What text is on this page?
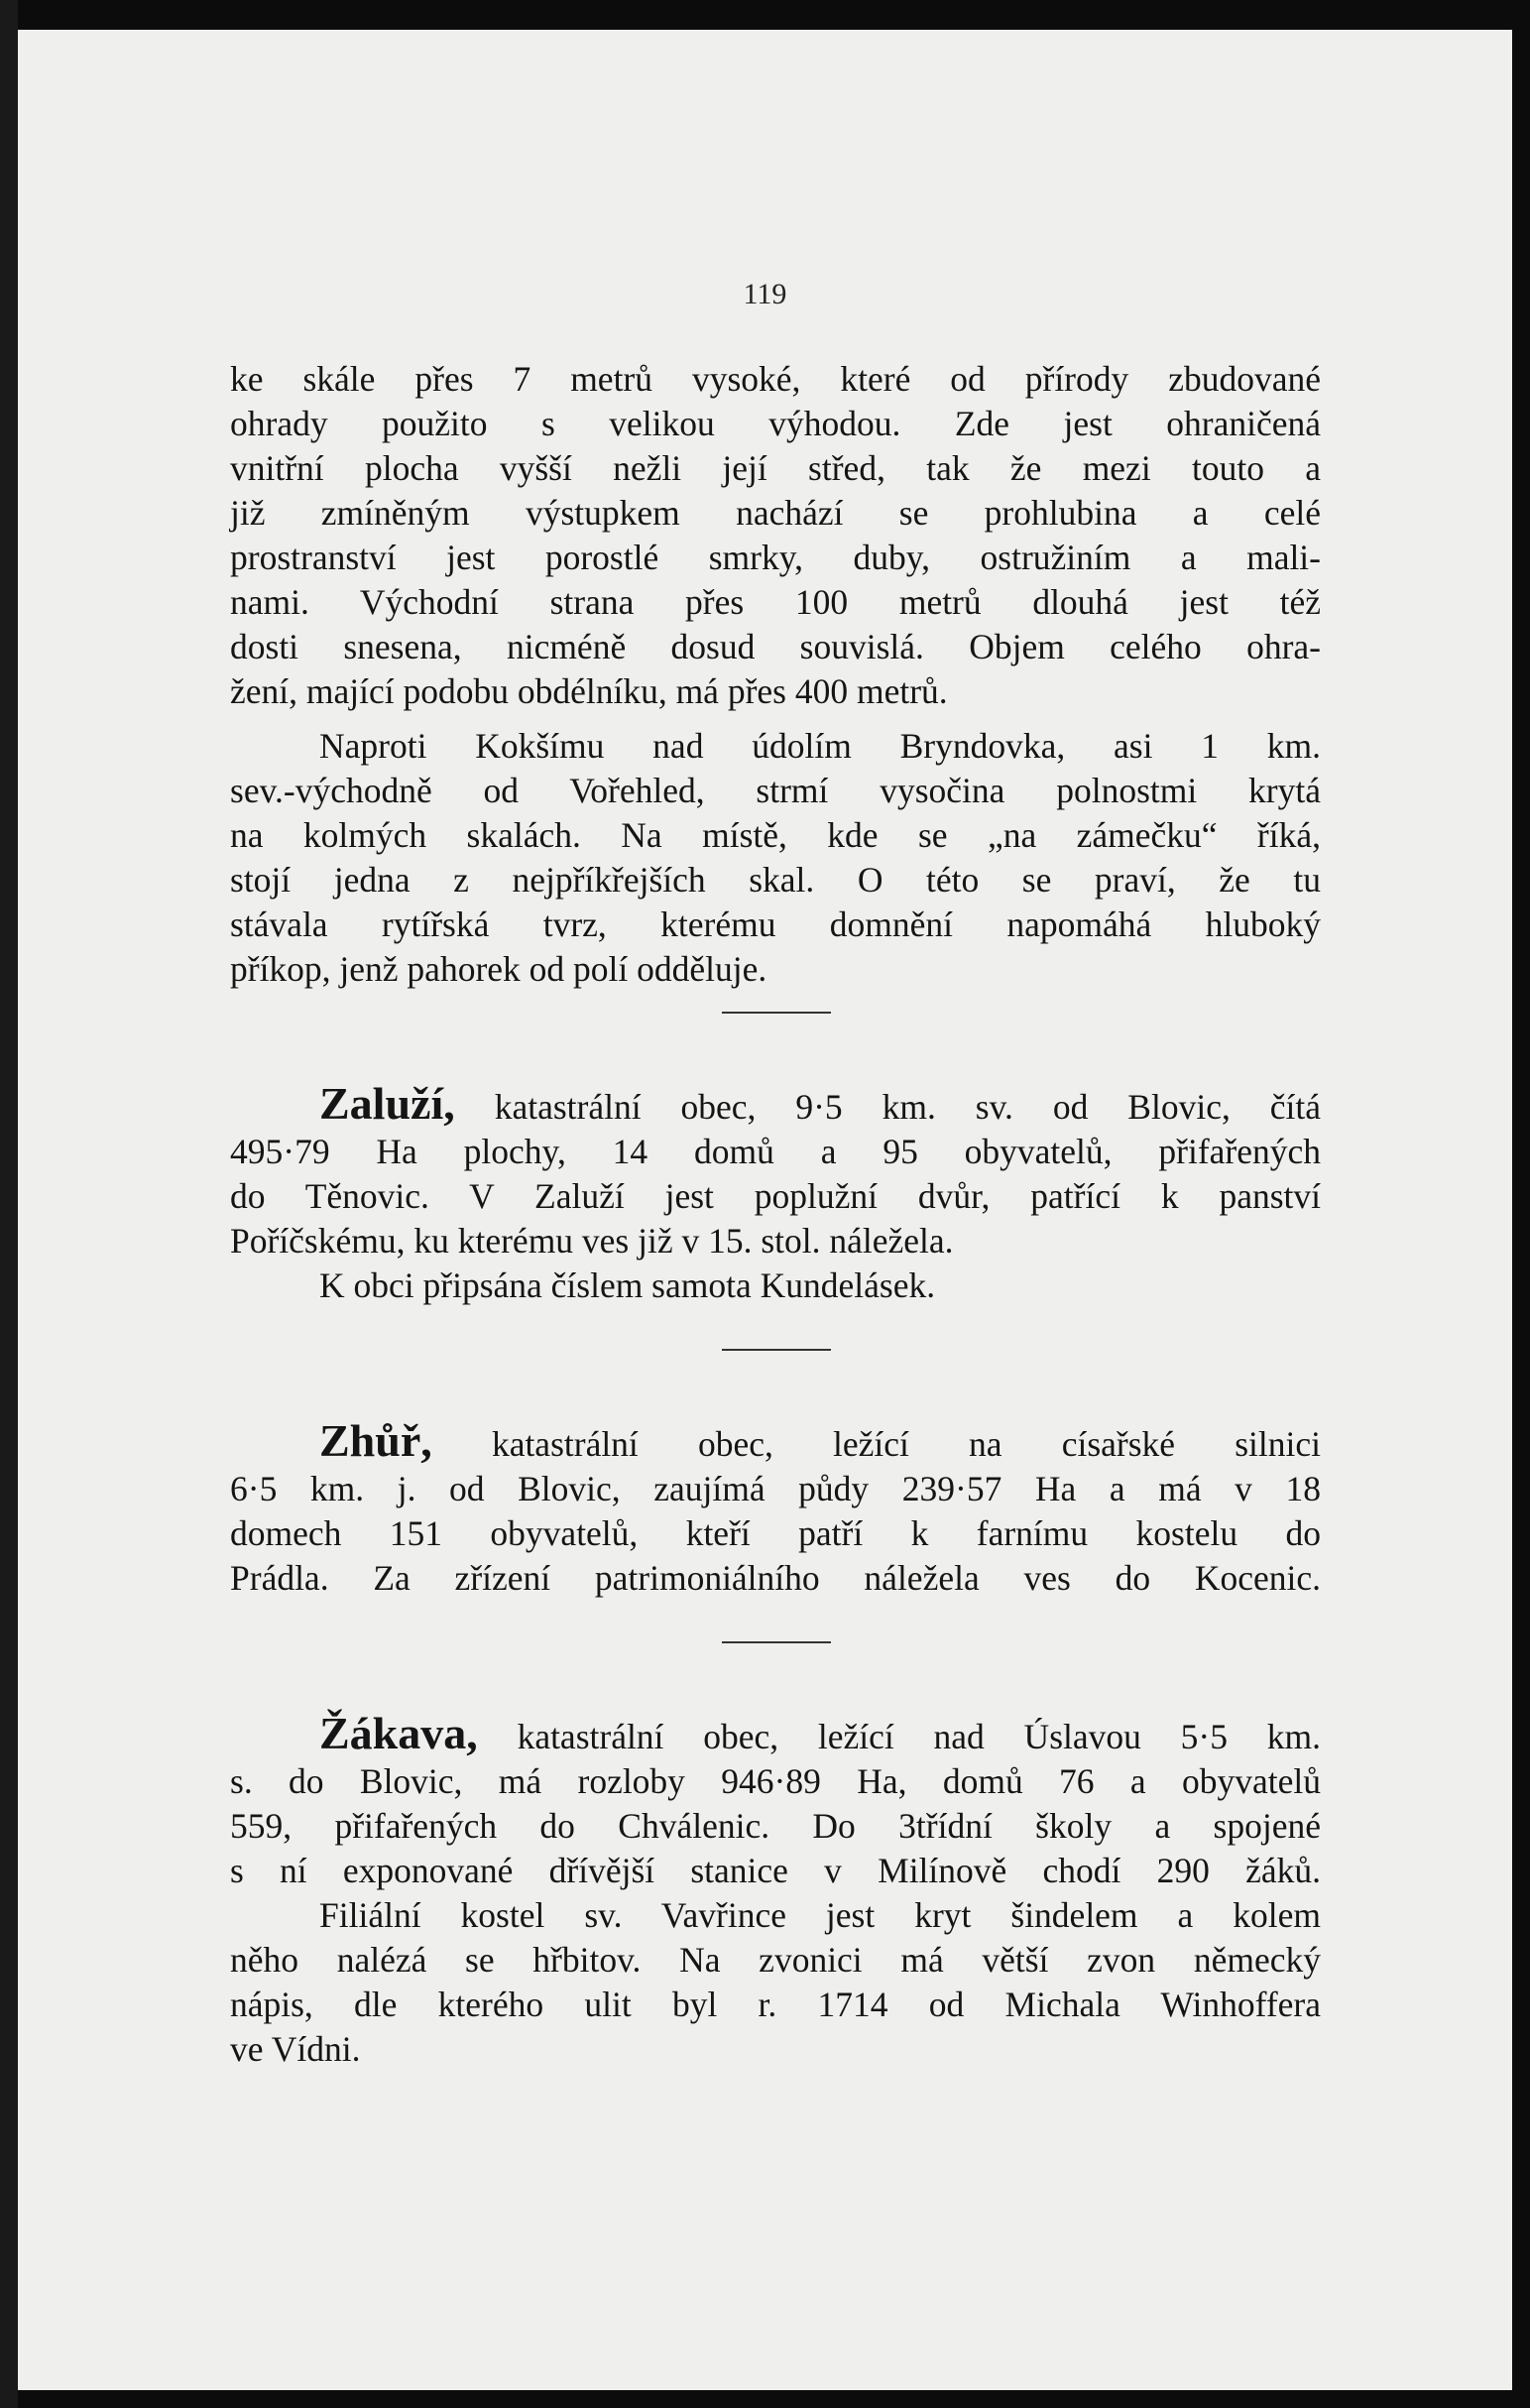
119
ke skále přes 7 metrů vysoké, které od přírody zbudované
ohrady použito s velikou výhodou. Zde jest ohraničená
vnitřní plocha vyšší nežli její střed, tak že mezi touto a
již zmíněným výstupkem nachází se prohlubina a celé
prostranství jest porostlé smrky, duby, ostružiním a mali-
nami. Východní strana přes 100 metrů dlouhá jest též
dosti snesena, nicméně dosud souvislá. Objem celého ohra-
žení, mající podobu obdélníku, má přes 400 metrů.
Naproti Kokšímu nad údolím Bryndovka, asi 1 km.
sev.-východně od Vořehled, strmí vysočina polnostmi krytá
na kolmých skalách. Na místě, kde se „na zámečku“ říká,
stojí jedna z nejpříkřejších skal. O této se praví, že tu
stávala rytířská tvrz, kterému domnění napomáhá hluboký
příkop, jenž pahorek od polí odděluje.
Zaluží, katastrální obec, 9·5 km. sv. od Blovic, čítá
495·79 Ha plochy, 14 domů a 95 obyvatelů, přifařených
do Těnovic. V Zaluží jest poplužní dvůr, patřící k panství
Poříčskému, ku kterému ves již v 15. stol. náležela.
K obci připsána číslem samota Kundelásek.
Zhůř, katastrální obec, ležící na císařské silnici
6·5 km. j. od Blovic, zaujímá půdy 239·57 Ha a má v 18
domech 151 obyvatelů, kteří patří k farnímu kostelu do
Prádla. Za zřízení patrimoniálního náležela ves do Kocenic.
Žákava, katastrální obec, ležící nad Úslavou 5·5 km.
s. do Blovic, má rozloby 946·89 Ha, domů 76 a obyvatelů
559, přifařených do Chválenic. Do 3třídní školy a spojené
s ní exponované dřívější stanice v Milínově chodí 290 žáků.
Filiální kostel sv. Vavřince jest kryt šindelem a kolem
něho nalézá se hřbitov. Na zvonici má větší zvon německý
nápis, dle kterého ulit byl r. 1714 od Michala Winhoffera
ve Vídni.
